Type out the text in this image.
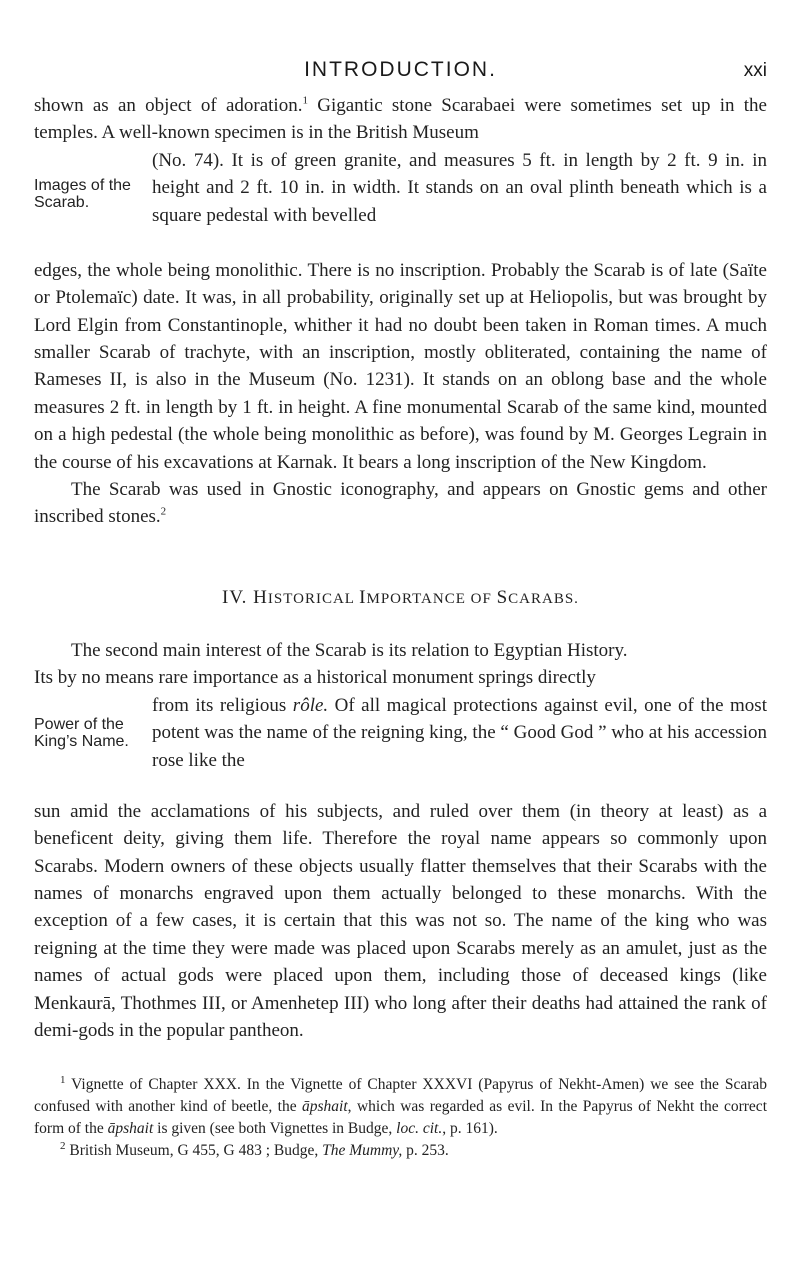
INTRODUCTION.	xxi

shown as an object of adoration.$^1$ Gigantic stone Scarabaei were sometimes set up in the temples. A well-known specimen is in the British Museum

Images of the Scarab.

(No. 74). It is of green granite, and measures 5 ft. in length by 2 ft. 9 in. in height and 2 ft. 10 in. in width. It stands on an oval plinth beneath which is a square pedestal with bevelled

edges, the whole being monolithic. There is no inscription. Probably the Scarab is of late (Saïte or Ptolemaïc) date. It was, in all probability, originally set up at Heliopolis, but was brought by Lord Elgin from Constantinople, whither it had no doubt been taken in Roman times. A much smaller Scarab of trachyte, with an inscription, mostly obliterated, containing the name of Rameses II, is also in the Museum (No. 1231). It stands on an oblong base and the whole measures 2 ft. in length by 1 ft. in height. A fine monumental Scarab of the same kind, mounted on a high pedestal (the whole being monolithic as before), was found by M. Georges Legrain in the course of his excavations at Karnak. It bears a long inscription of the New Kingdom.

The Scarab was used in Gnostic iconography, and appears on Gnostic gems and other inscribed stones.$^2$

IV. HISTORICAL IMPORTANCE OF SCARABS.

The second main interest of the Scarab is its relation to Egyptian History.

Its by no means rare importance as a historical monument springs directly

Power of the King’s Name.

from its religious rôle. Of all magical protections against evil, one of the most potent was the name of the reigning king, the “ Good God ” who at his accession rose like the

sun amid the acclamations of his subjects, and ruled over them (in theory at least) as a beneficent deity, giving them life. Therefore the royal name appears so commonly upon Scarabs. Modern owners of these objects usually flatter themselves that their Scarabs with the names of monarchs engraved upon them actually belonged to these monarchs. With the exception of a few cases, it is certain that this was not so. The name of the king who was reigning at the time they were made was placed upon Scarabs merely as an amulet, just as the names of actual gods were placed upon them, including those of deceased kings (like Menkaurā, Thothmes III, or Amenhetep III) who long after their deaths had attained the rank of demi-gods in the popular pantheon.

$^1$ Vignette of Chapter XXX. In the Vignette of Chapter XXXVI (Papyrus of Nekht-Amen) we see the Scarab confused with another kind of beetle, the āpshait, which was regarded as evil. In the Papyrus of Nekht the correct form of the āpshait is given (see both Vignettes in Budge, loc. cit., p. 161).

$^2$ British Museum, G 455, G 483 ; Budge, The Mummy, p. 253.
